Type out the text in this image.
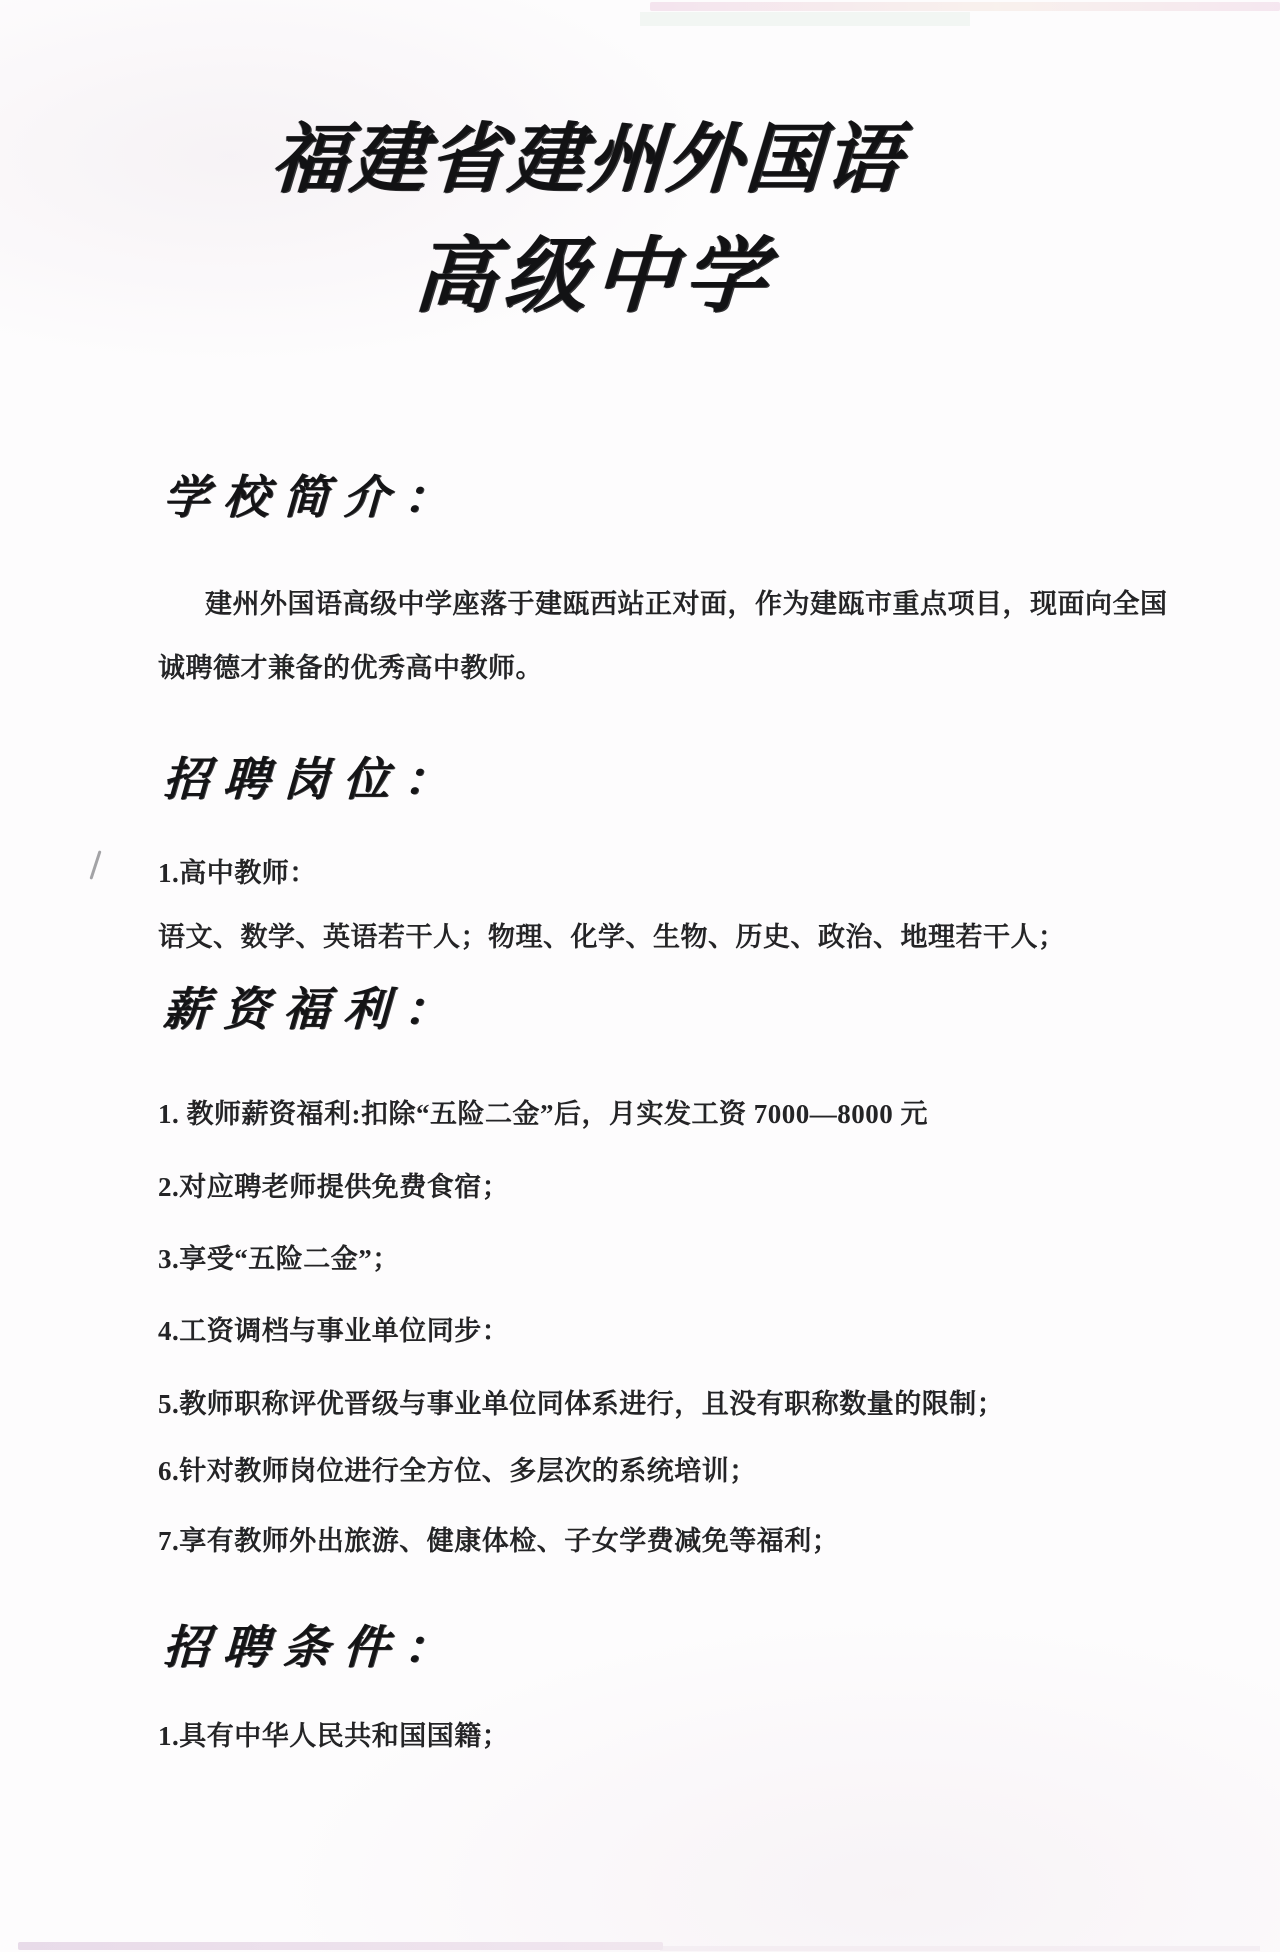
福建省建州外国语
高级中学
学校简介：

建州外国语高级中学座落于建瓯西站正对面，作为建瓯市重点项目，现面向全国

诚聘德才兼备的优秀高中教师。

招聘岗位：

1.高中教师：

语文、数学、英语若干人；物理、化学、生物、历史、政治、地理若干人；

薪资福利：

1. 教师薪资福利:扣除“五险二金”后，月实发工资 7000—8000 元

2.对应聘老师提供免费食宿；

3.享受“五险二金”；

4.工资调档与事业单位同步：

5.教师职称评优晋级与事业单位同体系进行，且没有职称数量的限制；

6.针对教师岗位进行全方位、多层次的系统培训；

7.享有教师外出旅游、健康体检、子女学费减免等福利；

招聘条件：

1.具有中华人民共和国国籍；
